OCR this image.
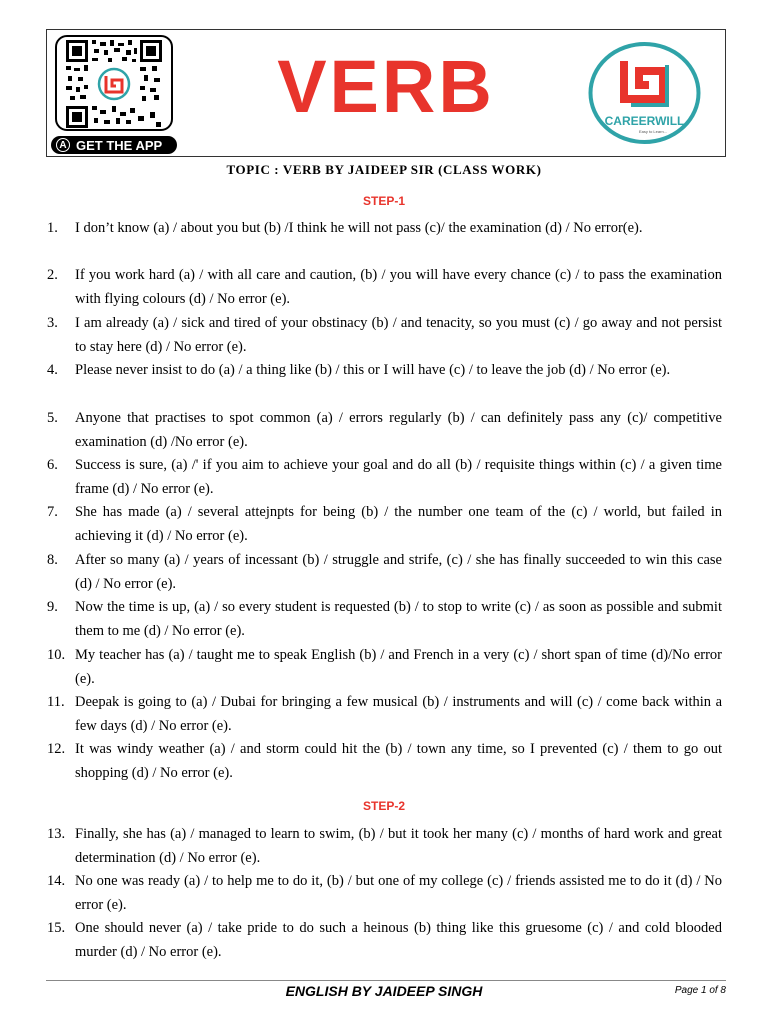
A GET THE APP
VERB	CAREERWILL
Easy to Learn...
TOPIC : VERB BY JAIDEEP SIR (CLASS WORK)
STEP-1
1. I don’t know (a) / about you but (b) /I think he will not pass (c)/ the examination (d) / No error(e).
2. If you work hard (a) / with all care and caution, (b) / you will have every chance (c) / to pass the examination with flying colours (d) / No error (e).
3. I am already (a) / sick and tired of your obstinacy (b) / and tenacity, so you must (c) / go away and not persist to stay here (d) / No error (e).
4. Please never insist to do (a) / a thing like (b) / this or I will have (c) / to leave the job (d) / No error (e).
5. Anyone that practises to spot common (a) / errors regularly (b) / can definitely pass any (c)/ competitive examination (d) /No error (e).
6. Success is sure, (a) /' if you aim to achieve your goal and do all (b) / requisite things within (c) / a given time frame (d) / No error (e).
7. She has made (a) / several attejnpts for being (b) / the number one team of the (c) / world, but failed in achieving it (d) / No error (e).
8. After so many (a) / years of incessant (b) / struggle and strife, (c) / she has finally succeeded to win this case (d) / No error (e).
9. Now the time is up, (a) / so every student is requested (b) / to stop to write (c) / as soon as possible and submit them to me (d) / No error (e).
10. My teacher has (a) / taught me to speak English (b) / and French in a very (c) / short span of time (d)/No error (e).
11. Deepak is going to (a) / Dubai for bringing a few musical (b) / instruments and will (c) / come back within a few days (d) / No error (e).
12. It was windy weather (a) / and storm could hit the (b) / town any time, so I prevented (c) / them to go out shopping (d) / No error (e).
STEP-2
13. Finally, she has (a) / managed to learn to swim, (b) / but it took her many (c) / months of hard work and great determination (d) / No error (e).
14. No one was ready (a) / to help me to do it, (b) / but one of my college (c) / friends assisted me to do it (d) / No error (e).
15. One should never (a) / take pride to do such a heinous (b) thing like this gruesome (c) / and cold blooded murder (d) / No error (e).
ENGLISH BY JAIDEEP SINGH	Page 1 of 8
